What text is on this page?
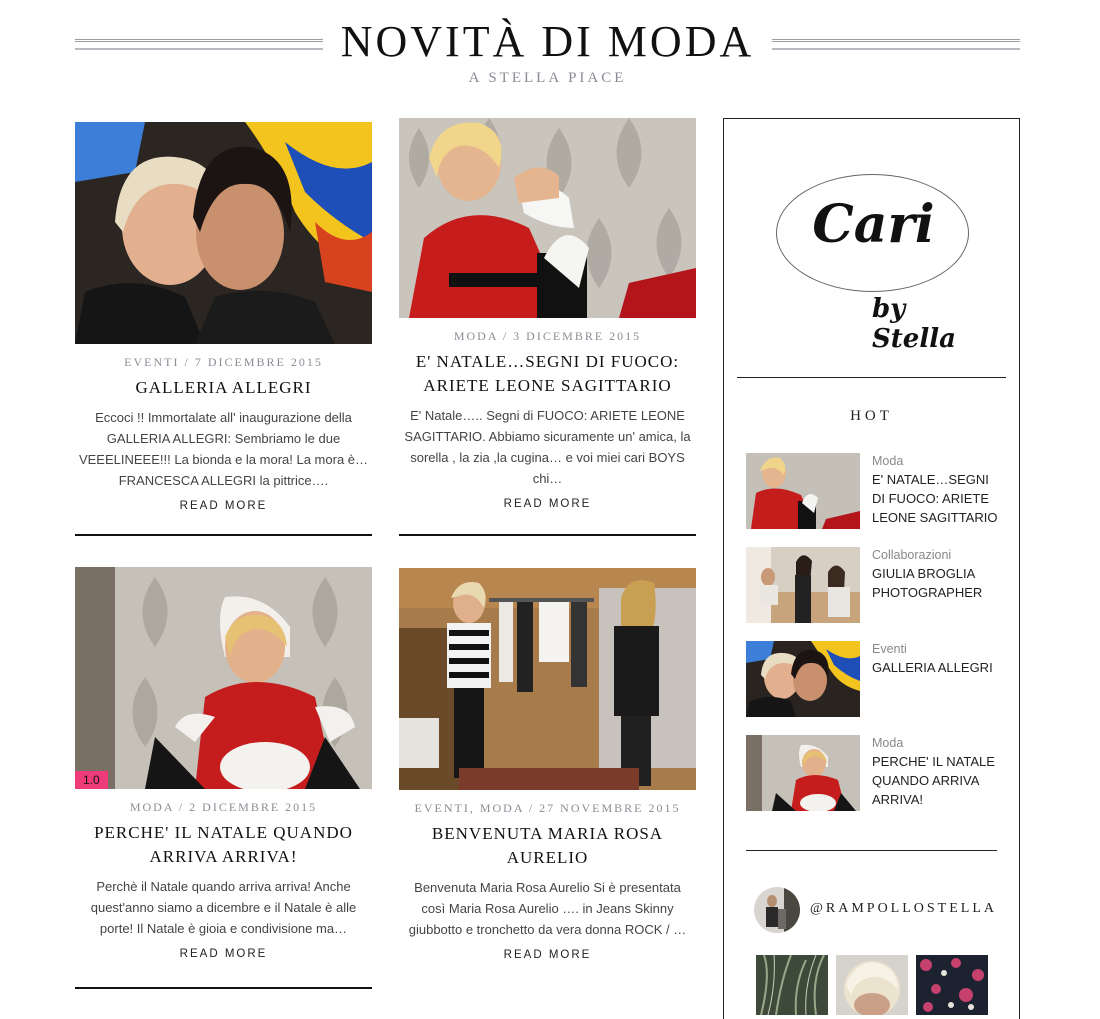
NOVITÀ DI MODA
A STELLA PIACE
EVENTI / 7 DICEMBRE 2015
GALLERIA ALLEGRI
Eccoci !! Immortalate all' inaugurazione della GALLERIA ALLEGRI: Sembriamo le due VEEELINEEE!!! La bionda e la mora! La mora è… FRANCESCA ALLEGRI la pittrice….
READ MORE
MODA / 3 DICEMBRE 2015
E' NATALE…SEGNI DI FUOCO: ARIETE LEONE SAGITTARIO
E' Natale….. Segni di FUOCO: ARIETE LEONE SAGITTARIO. Abbiamo sicuramente un' amica, la sorella , la zia ,la cugina… e voi miei cari BOYS chi…
READ MORE
1.0
MODA / 2 DICEMBRE 2015
PERCHE' IL NATALE QUANDO ARRIVA ARRIVA!
Perchè il Natale quando arriva arriva! Anche quest'anno siamo a dicembre e il Natale è alle porte! Il Natale è gioia e condivisione ma…
READ MORE
EVENTI, MODA / 27 NOVEMBRE 2015
BENVENUTA MARIA ROSA AURELIO
Benvenuta Maria Rosa Aurelio Si è presentata così Maria Rosa Aurelio …. in Jeans Skinny giubbotto e tronchetto da vera donna ROCK / …
READ MORE
Cari
by Stella
HOT
Moda
E' NATALE…SEGNI DI FUOCO: ARIETE LEONE SAGITTARIO
Collaborazioni
GIULIA BROGLIA PHOTOGRAPHER
Eventi
GALLERIA ALLEGRI
Moda
PERCHE' IL NATALE QUANDO ARRIVA ARRIVA!
@RAMPOLLOSTELLA
